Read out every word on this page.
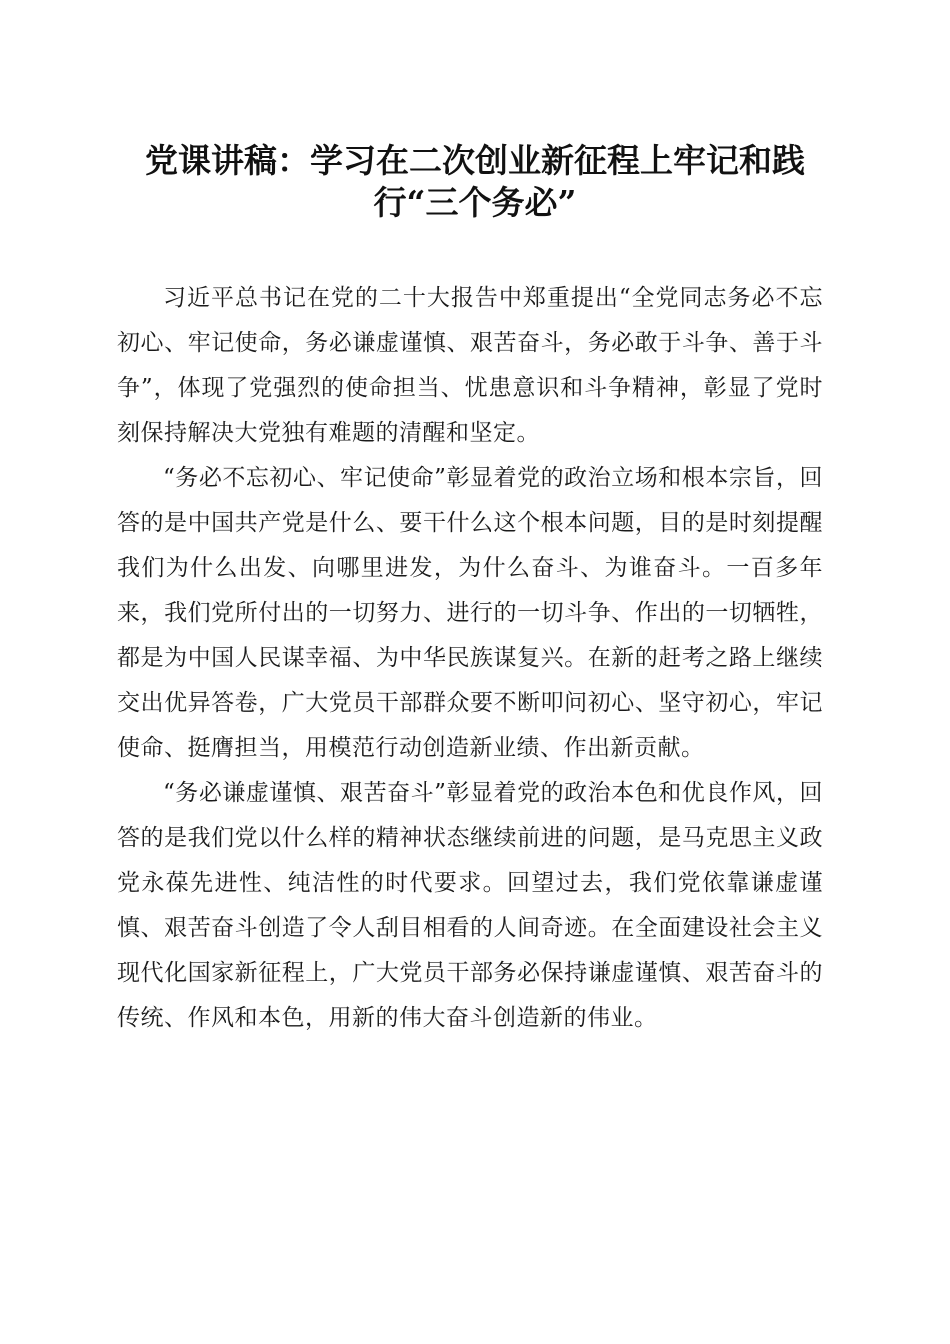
党课讲稿：学习在二次创业新征程上牢记和践
行“三个务必”

习近平总书记在党的二十大报告中郑重提出“全党同志务必不忘初心、牢记使命，务必谦虚谨慎、艰苦奋斗，务必敢于斗争、善于斗争”，体现了党强烈的使命担当、忧患意识和斗争精神，彰显了党时刻保持解决大党独有难题的清醒和坚定。

“务必不忘初心、牢记使命”彰显着党的政治立场和根本宗旨，回答的是中国共产党是什么、要干什么这个根本问题，目的是时刻提醒我们为什么出发、向哪里进发，为什么奋斗、为谁奋斗。一百多年来，我们党所付出的一切努力、进行的一切斗争、作出的一切牺牲，都是为中国人民谋幸福、为中华民族谋复兴。在新的赶考之路上继续交出优异答卷，广大党员干部群众要不断叩问初心、坚守初心，牢记使命、挺膺担当，用模范行动创造新业绩、作出新贡献。

“务必谦虚谨慎、艰苦奋斗”彰显着党的政治本色和优良作风，回答的是我们党以什么样的精神状态继续前进的问题，是马克思主义政党永葆先进性、纯洁性的时代要求。回望过去，我们党依靠谦虚谨慎、艰苦奋斗创造了令人刮目相看的人间奇迹。在全面建设社会主义现代化国家新征程上，广大党员干部务必保持谦虚谨慎、艰苦奋斗的传统、作风和本色，用新的伟大奋斗创造新的伟业。
